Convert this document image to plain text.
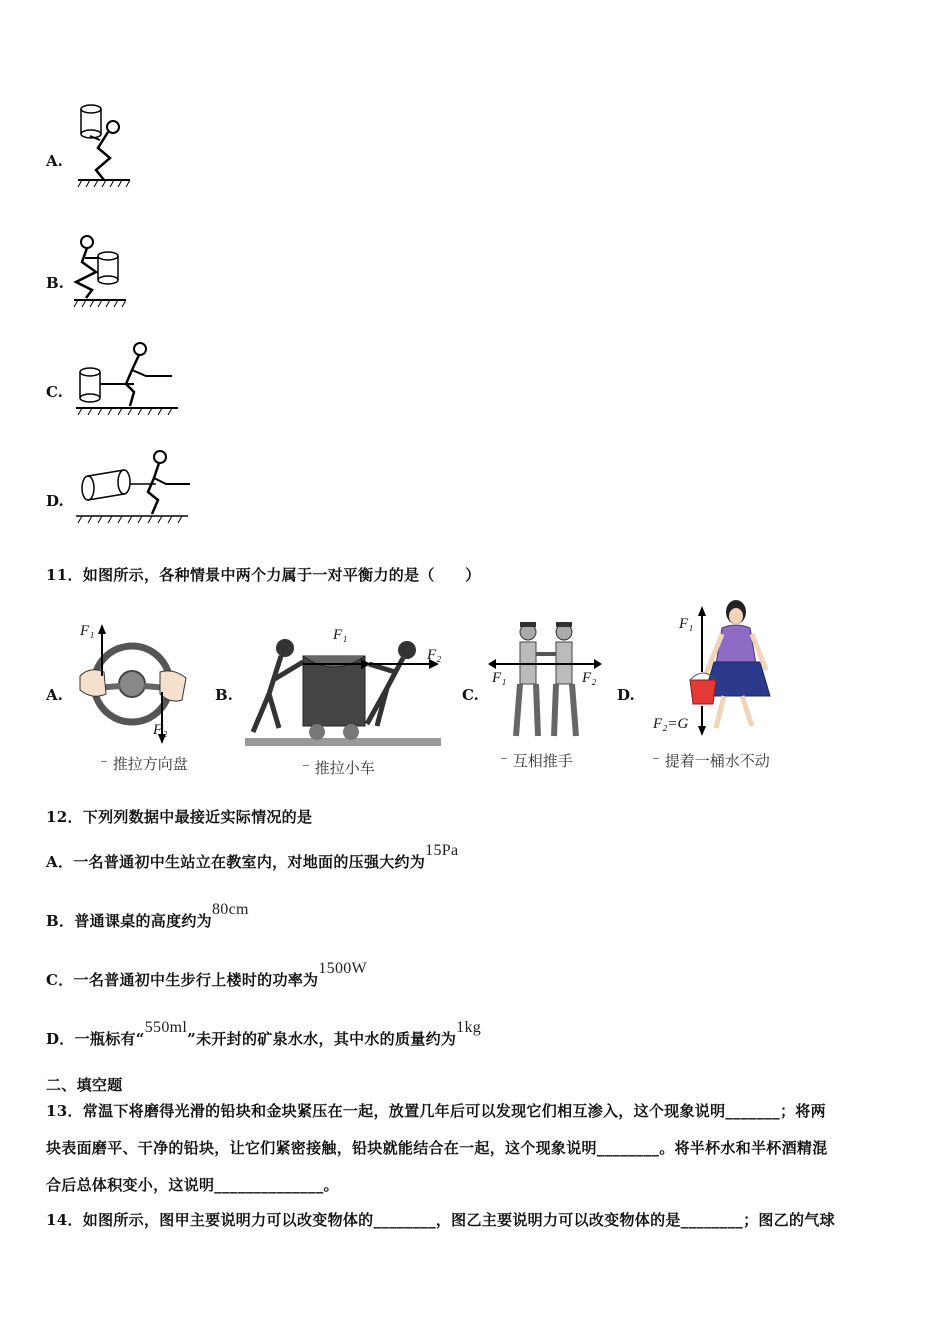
A.
B.
C.
D.
11．如图所示，各种情景中两个力属于一对平衡力的是（　　）
A.
F₁
F₂
⁻ 推拉方向盘
B.
F₁
F₂
⁻ 推拉小车
C.
F₁	F₂
⁻ 互相推手
D.
F₁
F₂=G
⁻ 提着一桶水不动
12．下列列数据中最接近实际情况的是
A．一名普通初中生站立在教室内，对地面的压强大约为15Pa
B．普通课桌的高度约为80cm
C．一名普通初中生步行上楼时的功率为1500W
D．一瓶标有“550ml”未开封的矿泉水水，其中水的质量约为1kg
二、填空题
13．常温下将磨得光滑的铅块和金块紧压在一起，放置几年后可以发现它们相互渗入，这个现象说明_______；将两
块表面磨平、干净的铅块，让它们紧密接触，铅块就能结合在一起，这个现象说明________。将半杯水和半杯酒精混
合后总体积变小，这说明______________。
14．如图所示，图甲主要说明力可以改变物体的________，图乙主要说明力可以改变物体的是________；图乙的气球
